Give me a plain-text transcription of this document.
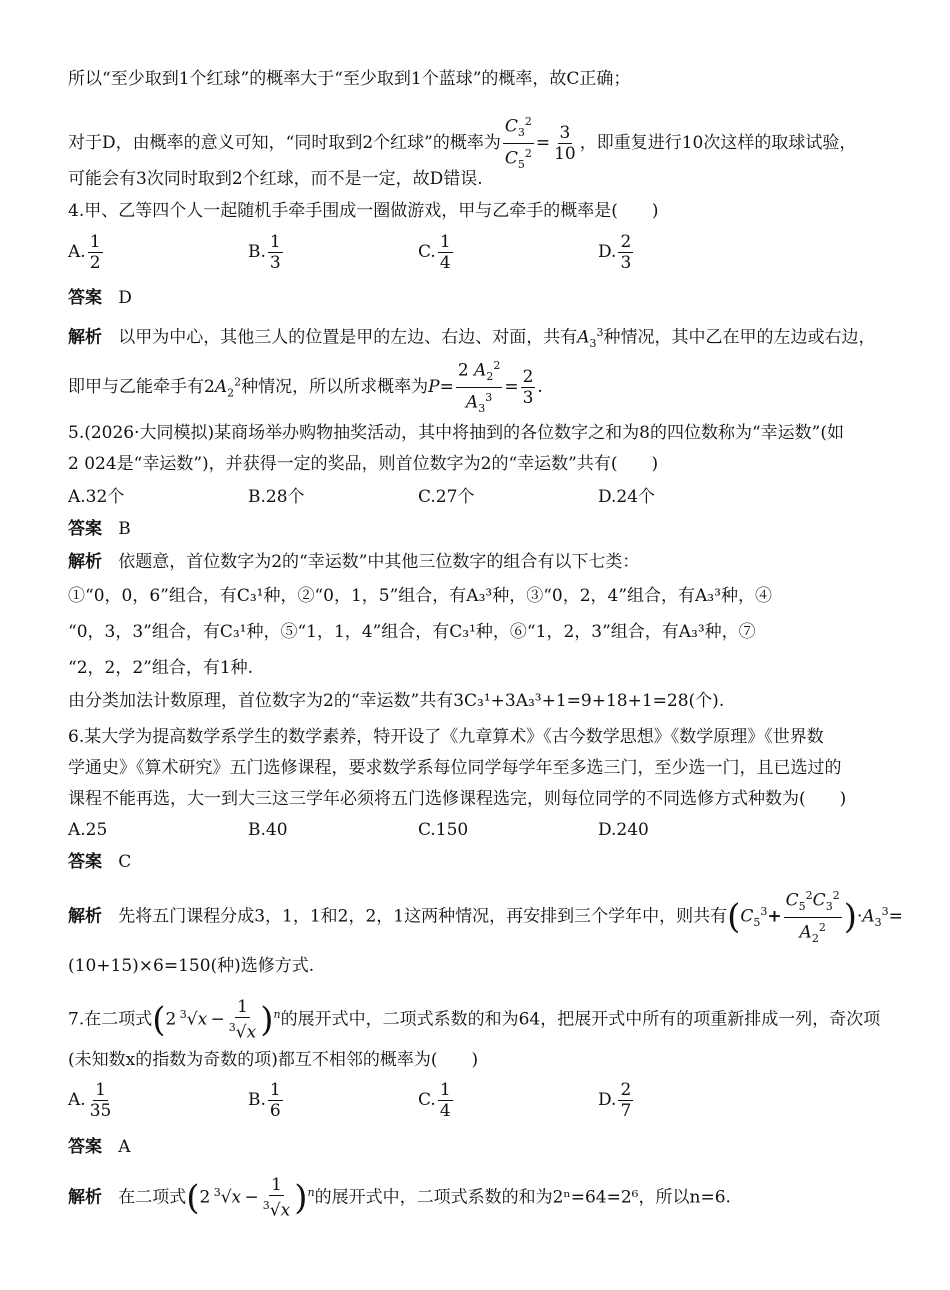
所以“至少取到1个红球”的概率大于“至少取到1个蓝球”的概率，故C正确；
对于D，由概率的意义可知，“同时取到2个红球”的概率为 $\frac{C_3^2}{C_5^2} = \frac{3}{10}$ ，即重复进行10次这样的取球试验，
可能会有3次同时取到2个红球，而不是一定，故D错误.
4.甲、乙等四个人一起随机手牵手围成一圈做游戏，甲与乙牵手的概率是(　　)
A. $\frac{1}{2}$	B. $\frac{1}{3}$	C. $\frac{1}{4}$	D. $\frac{2}{3}$
答案 D
解析 以甲为中心，其他三人的位置是甲的左边、右边、对面，共有$A_3^3$种情况，其中乙在甲的左边或右边，
即甲与乙能牵手有$2A_2^2$种情况，所以所求概率为$P= \frac{2 A_2^2}{A_3^3} = \frac{2}{3}$ .
5.(2026·大同模拟)某商场举办购物抽奖活动，其中将抽到的各位数字之和为8的四位数称为“幸运数”(如
2 024是“幸运数”)，并获得一定的奖品，则首位数字为2的“幸运数”共有(　　)
A.32个	B.28个	C.27个	D.24个
答案 B
解析 依题意，首位数字为2的“幸运数”中其他三位数字的组合有以下七类：
①“0，0，6”组合，有C₃¹种，②“0，1，5”组合，有A₃³种，③“0，2，4”组合，有A₃³种，④
“0，3，3”组合，有C₃¹种，⑤“1，1，4”组合，有C₃¹种，⑥“1，2，3”组合，有A₃³种，⑦
“2，2，2”组合，有1种.
由分类加法计数原理，首位数字为2的“幸运数”共有3C₃¹+3A₃³+1=9+18+1=28(个).
6.某大学为提高数学系学生的数学素养，特开设了《九章算术》《古今数学思想》《数学原理》《世界数
学通史》《算术研究》五门选修课程，要求数学系每位同学每学年至多选三门，至少选一门，且已选过的
课程不能再选，大一到大三这三学年必须将五门选修课程选完，则每位同学的不同选修方式种数为(　　)
A.25	B.40	C.150	D.240
答案 C
解析 先将五门课程分成3，1，1和2，2，1这两种情况，再安排到三个学年中，则共有$(C_5^3+ \frac{C_5^2C_3^2}{A_2^2} )\cdot A_3^3=$
(10+15)×6=150(种)选修方式.
7.在二项式(2 $^3√x - \frac{1}{^3√x} )^n$的展开式中，二项式系数的和为64，把展开式中所有的项重新排成一列，奇次项
(未知数x的指数为奇数的项)都互不相邻的概率为(　　)
A. $\frac{1}{35}$	B. $\frac{1}{6}$	C. $\frac{1}{4}$	D. $\frac{2}{7}$
答案 A
解析 在二项式(2 $^3√x - \frac{1}{^3√x} )^n$的展开式中，二项式系数的和为2ⁿ=64=2⁶，所以n=6.
